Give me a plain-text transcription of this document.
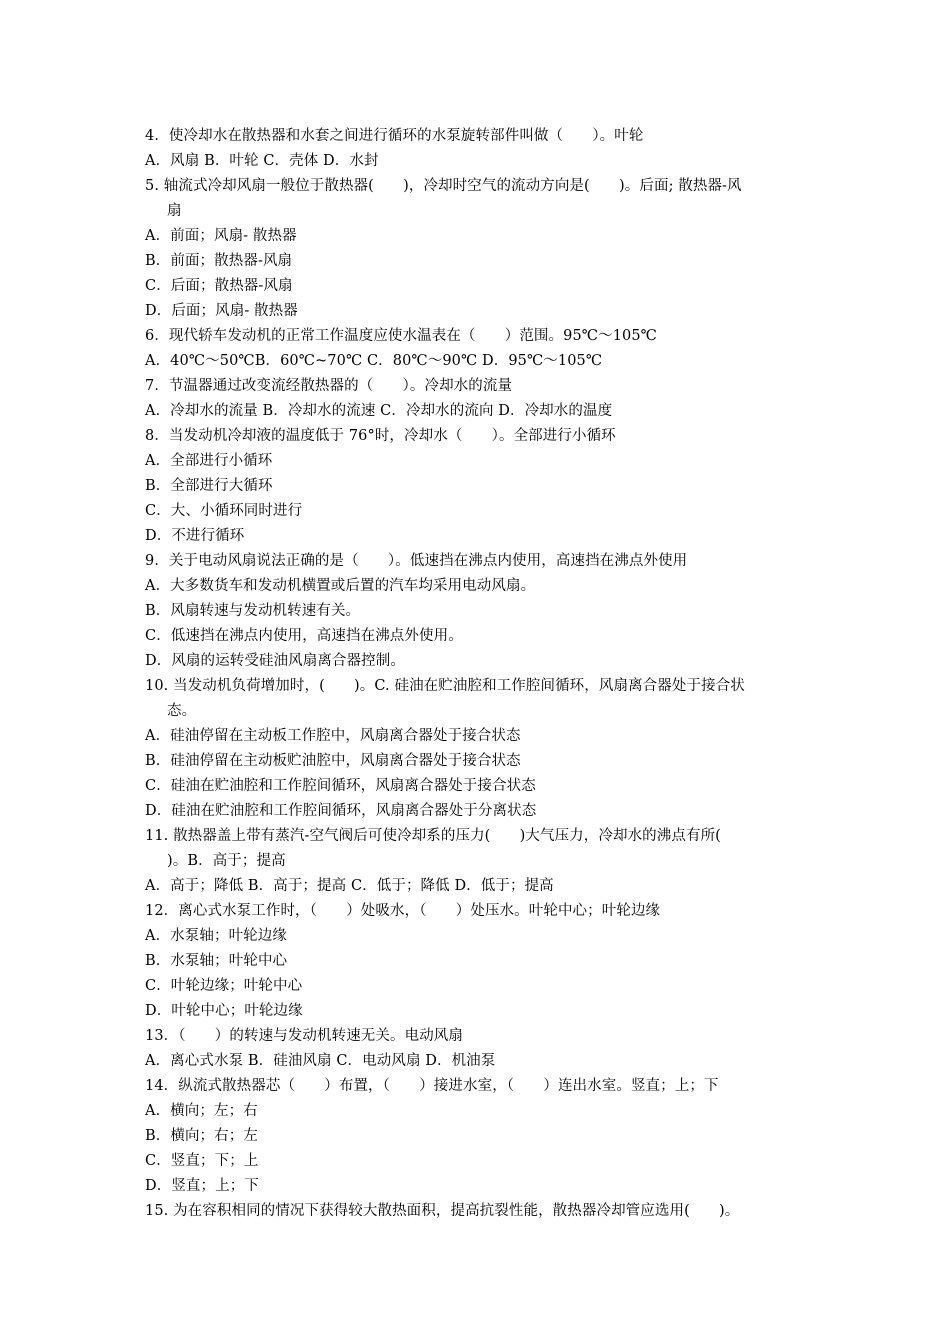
4．使冷却水在散热器和水套之间进行循环的水泵旋转部件叫做（　　）。叶轮
A．风扇 B．叶轮 C．壳体 D．水封
5. 轴流式冷却风扇一般位于散热器(　　)，冷却时空气的流动方向是(　　)。后面; 散热器-风
扇
A．前面；风扇- 散热器
B．前面；散热器-风扇
C．后面；散热器-风扇
D．后面；风扇- 散热器
6．现代轿车发动机的正常工作温度应使水温表在（　　）范围。95℃～105℃
A．40℃～50℃B．60℃~70℃ C．80℃～90℃ D．95℃～105℃
7．节温器通过改变流经散热器的（　　）。冷却水的流量
A．冷却水的流量 B．冷却水的流速 C．冷却水的流向 D．冷却水的温度
8．当发动机冷却液的温度低于 76°时，冷却水（　　）。全部进行小循环
A．全部进行小循环
B．全部进行大循环
C．大、小循环同时进行
D．不进行循环
9．关于电动风扇说法正确的是（　　）。低速挡在沸点内使用，高速挡在沸点外使用
A．大多数货车和发动机横置或后置的汽车均采用电动风扇。
B．风扇转速与发动机转速有关。
C．低速挡在沸点内使用，高速挡在沸点外使用。
D．风扇的运转受硅油风扇离合器控制。
10. 当发动机负荷增加时，(　　)。C. 硅油在贮油腔和工作腔间循环，风扇离合器处于接合状
态。
A．硅油停留在主动板工作腔中，风扇离合器处于接合状态
B．硅油停留在主动板贮油腔中，风扇离合器处于接合状态
C．硅油在贮油腔和工作腔间循环，风扇离合器处于接合状态
D．硅油在贮油腔和工作腔间循环，风扇离合器处于分离状态
11. 散热器盖上带有蒸汽-空气阀后可使冷却系的压力(　　)大气压力，冷却水的沸点有所(
)。B．高于；提高
A．高于；降低 B．高于；提高 C．低于；降低 D．低于；提高
12．离心式水泵工作时，（　　）处吸水，（　　）处压水。叶轮中心；叶轮边缘
A．水泵轴；叶轮边缘
B．水泵轴；叶轮中心
C．叶轮边缘；叶轮中心
D．叶轮中心；叶轮边缘
13．（　　）的转速与发动机转速无关。电动风扇
A．离心式水泵 B．硅油风扇 C．电动风扇 D．机油泵
14．纵流式散热器芯（　　）布置，（　　）接进水室，（　　）连出水室。竖直；上；下
A．横向；左；右
B．横向；右；左
C．竖直；下；上
D．竖直；上；下
15. 为在容积相同的情况下获得较大散热面积，提高抗裂性能，散热器冷却管应选用(　　)。
